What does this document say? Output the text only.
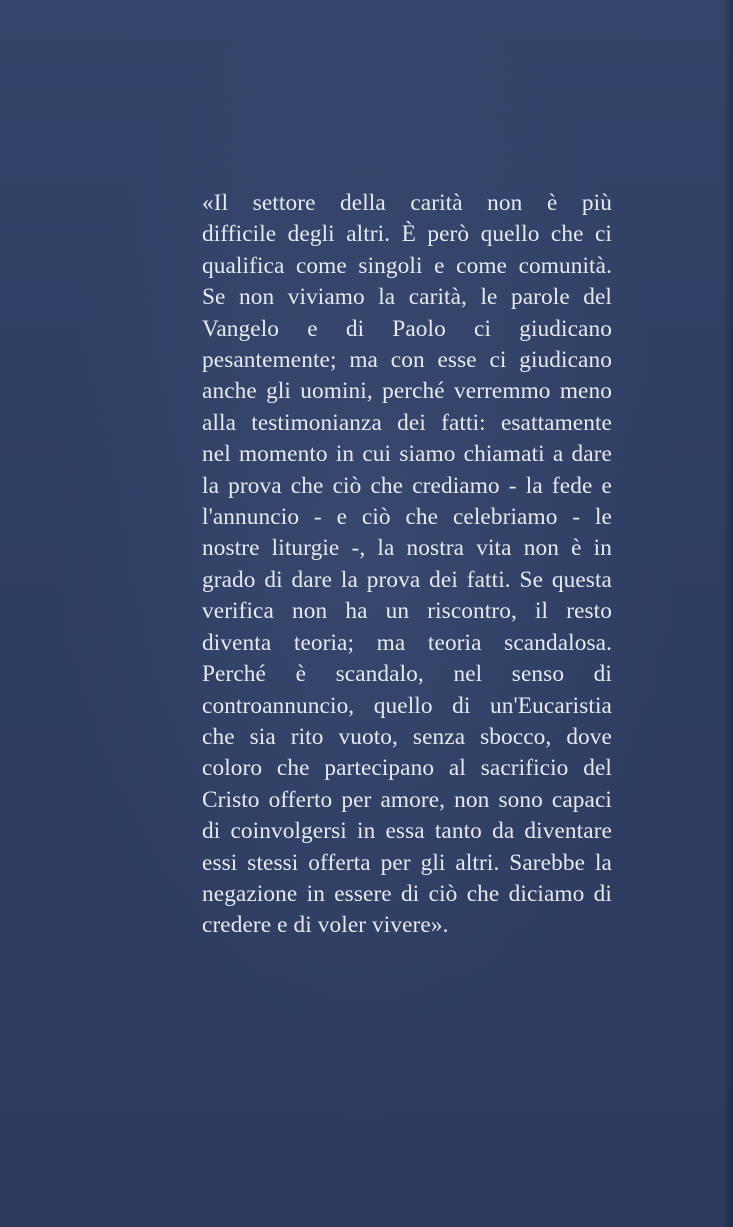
«Il settore della carità non è più
difficile degli altri. È però quello che ci
qualifica come singoli e come comunità.
Se non viviamo la carità, le parole del
Vangelo e di Paolo ci giudicano
pesantemente; ma con esse ci giudicano
anche gli uomini, perché verremmo meno
alla testimonianza dei fatti: esattamente
nel momento in cui siamo chiamati a dare
la prova che ciò che crediamo - la fede e
l'annuncio - e ciò che celebriamo - le
nostre liturgie -, la nostra vita non è in
grado di dare la prova dei fatti. Se questa
verifica non ha un riscontro, il resto
diventa teoria; ma teoria scandalosa.
Perché è scandalo, nel senso di
controannuncio, quello di un'Eucaristia
che sia rito vuoto, senza sbocco, dove
coloro che partecipano al sacrificio del
Cristo offerto per amore, non sono capaci
di coinvolgersi in essa tanto da diventare
essi stessi offerta per gli altri. Sarebbe la
negazione in essere di ciò che diciamo di
credere e di voler vivere».
